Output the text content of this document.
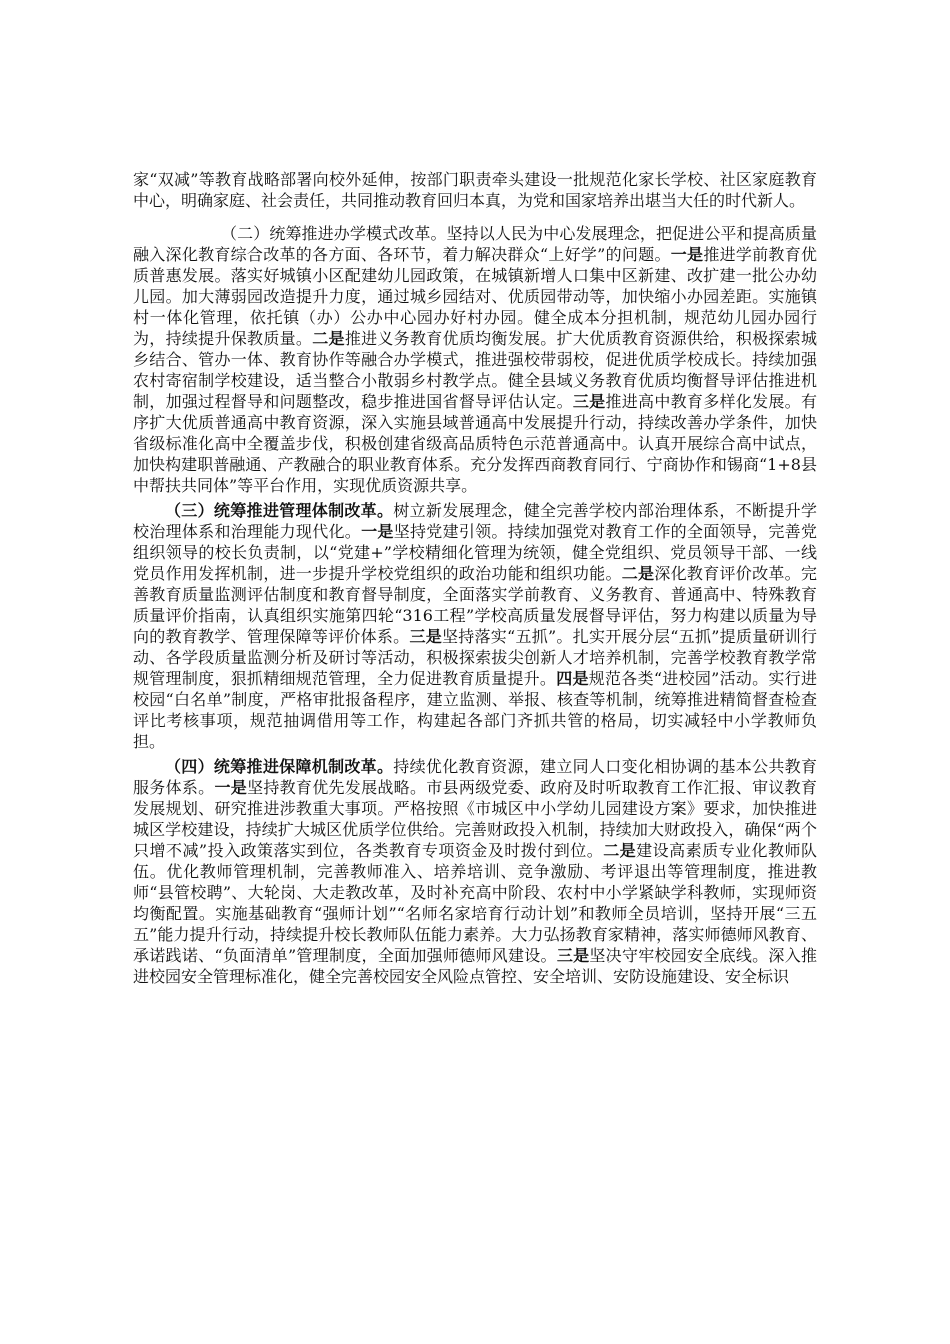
家“双减”等教育战略部署向校外延伸，按部门职责牵头建设一批规范化家长学校、社区家庭教育中心，明确家庭、社会责任，共同推动教育回归本真，为党和国家培养出堪当大任的时代新人。

（二）统筹推进办学模式改革。坚持以人民为中心发展理念，把促进公平和提高质量融入深化教育综合改革的各方面、各环节，着力解决群众“上好学”的问题。一是推进学前教育优质普惠发展。落实好城镇小区配建幼儿园政策，在城镇新增人口集中区新建、改扩建一批公办幼儿园。加大薄弱园改造提升力度，通过城乡园结对、优质园带动等，加快缩小办园差距。实施镇村一体化管理，依托镇（办）公办中心园办好村办园。健全成本分担机制，规范幼儿园办园行为，持续提升保教质量。二是推进义务教育优质均衡发展。扩大优质教育资源供给，积极探索城乡结合、管办一体、教育协作等融合办学模式，推进强校带弱校，促进优质学校成长。持续加强农村寄宿制学校建设，适当整合小散弱乡村教学点。健全县域义务教育优质均衡督导评估推进机制，加强过程督导和问题整改，稳步推进国省督导评估认定。三是推进高中教育多样化发展。有序扩大优质普通高中教育资源，深入实施县域普通高中发展提升行动，持续改善办学条件，加快省级标准化高中全覆盖步伐，积极创建省级高品质特色示范普通高中。认真开展综合高中试点，加快构建职普融通、产教融合的职业教育体系。充分发挥西商教育同行、宁商协作和锡商“1+8县中帮扶共同体”等平台作用，实现优质资源共享。

（三）统筹推进管理体制改革。树立新发展理念，健全完善学校内部治理体系，不断提升学校治理体系和治理能力现代化。一是坚持党建引领。持续加强党对教育工作的全面领导，完善党组织领导的校长负责制，以“党建+”学校精细化管理为统领，健全党组织、党员领导干部、一线党员作用发挥机制，进一步提升学校党组织的政治功能和组织功能。二是深化教育评价改革。完善教育质量监测评估制度和教育督导制度，全面落实学前教育、义务教育、普通高中、特殊教育质量评价指南，认真组织实施第四轮“316工程”学校高质量发展督导评估，努力构建以质量为导向的教育教学、管理保障等评价体系。三是坚持落实“五抓”。扎实开展分层“五抓”提质量研训行动、各学段质量监测分析及研讨等活动，积极探索拔尖创新人才培养机制，完善学校教育教学常规管理制度，狠抓精细规范管理，全力促进教育质量提升。四是规范各类“进校园”活动。实行进校园“白名单”制度，严格审批报备程序，建立监测、举报、核查等机制，统筹推进精简督查检查评比考核事项，规范抽调借用等工作，构建起各部门齐抓共管的格局，切实减轻中小学教师负担。

（四）统筹推进保障机制改革。持续优化教育资源，建立同人口变化相协调的基本公共教育服务体系。一是坚持教育优先发展战略。市县两级党委、政府及时听取教育工作汇报、审议教育发展规划、研究推进涉教重大事项。严格按照《市城区中小学幼儿园建设方案》要求，加快推进城区学校建设，持续扩大城区优质学位供给。完善财政投入机制，持续加大财政投入，确保“两个只增不减”投入政策落实到位，各类教育专项资金及时拨付到位。二是建设高素质专业化教师队伍。优化教师管理机制，完善教师准入、培养培训、竞争激励、考评退出等管理制度，推进教师“县管校聘”、大轮岗、大走教改革，及时补充高中阶段、农村中小学紧缺学科教师，实现师资均衡配置。实施基础教育“强师计划”“名师名家培育行动计划”和教师全员培训，坚持开展“三五五”能力提升行动，持续提升校长教师队伍能力素养。大力弘扬教育家精神，落实师德师风教育、承诺践诺、“负面清单”管理制度，全面加强师德师风建设。三是坚决守牢校园安全底线。深入推进校园安全管理标准化，健全完善校园安全风险点管控、安全培训、安防设施建设、安全标识
